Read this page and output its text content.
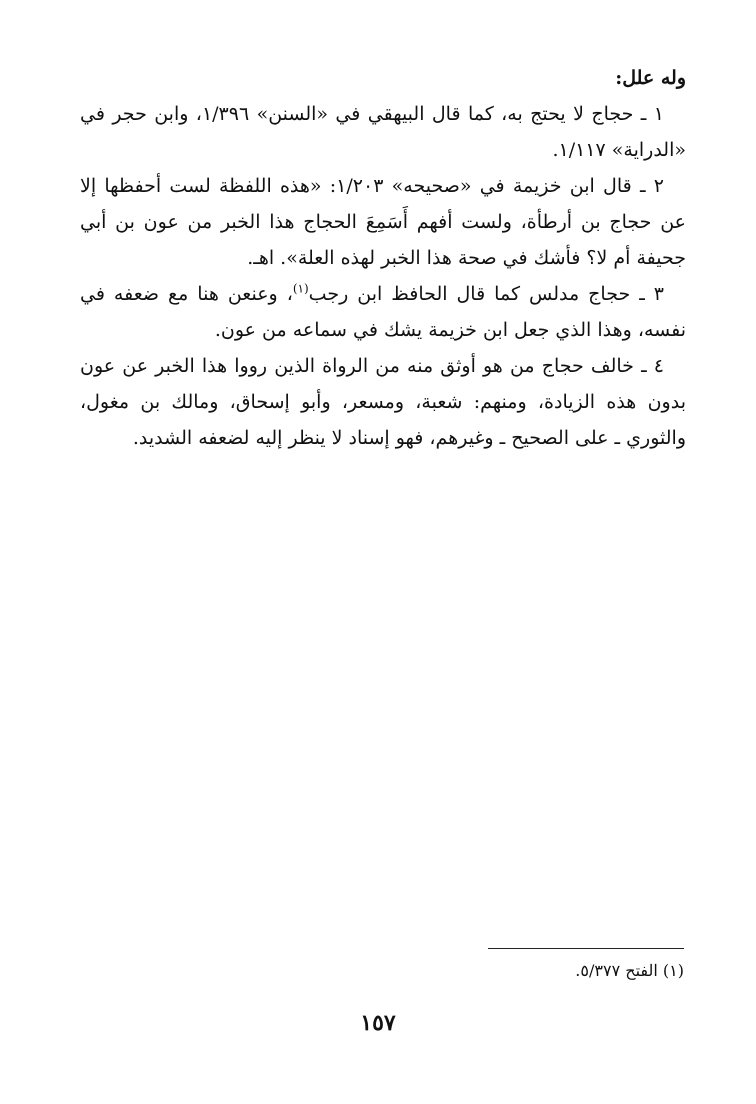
وله علل:

١ ـ حجاج لا يحتج به، كما قال البيهقي في «السنن» ١/٣٩٦، وابن حجر في «الدراية» ١/١١٧.

٢ ـ قال ابن خزيمة في «صحيحه» ١/٢٠٣: «هذه اللفظة لست أحفظها إلا عن حجاج بن أرطأة، ولست أفهم أَسَمِعَ الحجاج هذا الخبر من عون بن أبي جحيفة أم لا؟ فأشك في صحة هذا الخبر لهذه العلة». اهـ.

٣ ـ حجاج مدلس كما قال الحافظ ابن رجب$^{(١)}$، وعنعن هنا مع ضعفه في نفسه، وهذا الذي جعل ابن خزيمة يشك في سماعه من عون.

٤ ـ خالف حجاج من هو أوثق منه من الرواة الذين رووا هذا الخبر عن عون بدون هذه الزيادة، ومنهم: شعبة، ومسعر، وأبو إسحاق، ومالك بن مغول، والثوري ـ على الصحيح ـ وغيرهم، فهو إسناد لا ينظر إليه لضعفه الشديد.

(١) الفتح ٥/٣٧٧.
١٥٧
